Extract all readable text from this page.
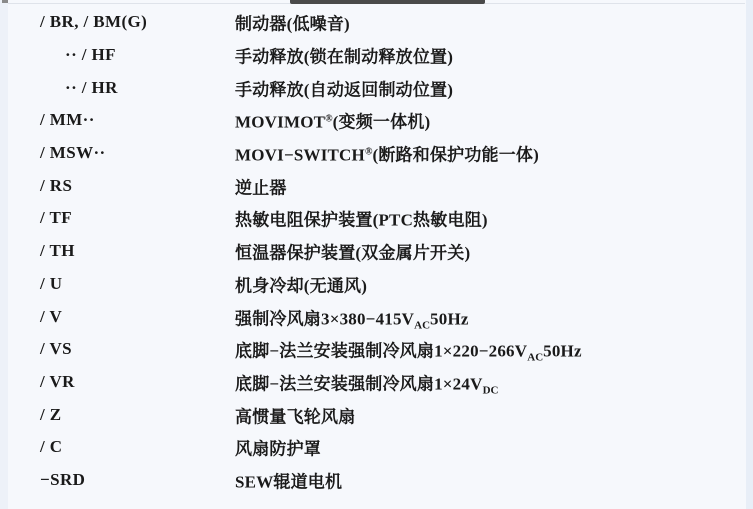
/ BR, / BM(G)	制动器(低噪音)
·· / HF	手动释放(锁在制动释放位置)
·· / HR	手动释放(自动返回制动位置)
/ MM··	MOVIMOT®(变频一体机)
/ MSW··	MOVI−SWITCH®(断路和保护功能一体)
/ RS	逆止器
/ TF	热敏电阻保护装置(PTC热敏电阻)
/ TH	恒温器保护装置(双金属片开关)
/ U	机身冷却(无通风)
/ V	强制冷风扇$3\times 380-415V_{AC}50Hz$
/ VS	底脚−法兰安装强制冷风扇$1\times 220-266V_{AC}50Hz$
/ VR	底脚−法兰安装强制冷风扇$1\times 24V_{DC}$
/ Z	高惯量飞轮风扇
/ C	风扇防护罩
−SRD	SEW辊道电机
